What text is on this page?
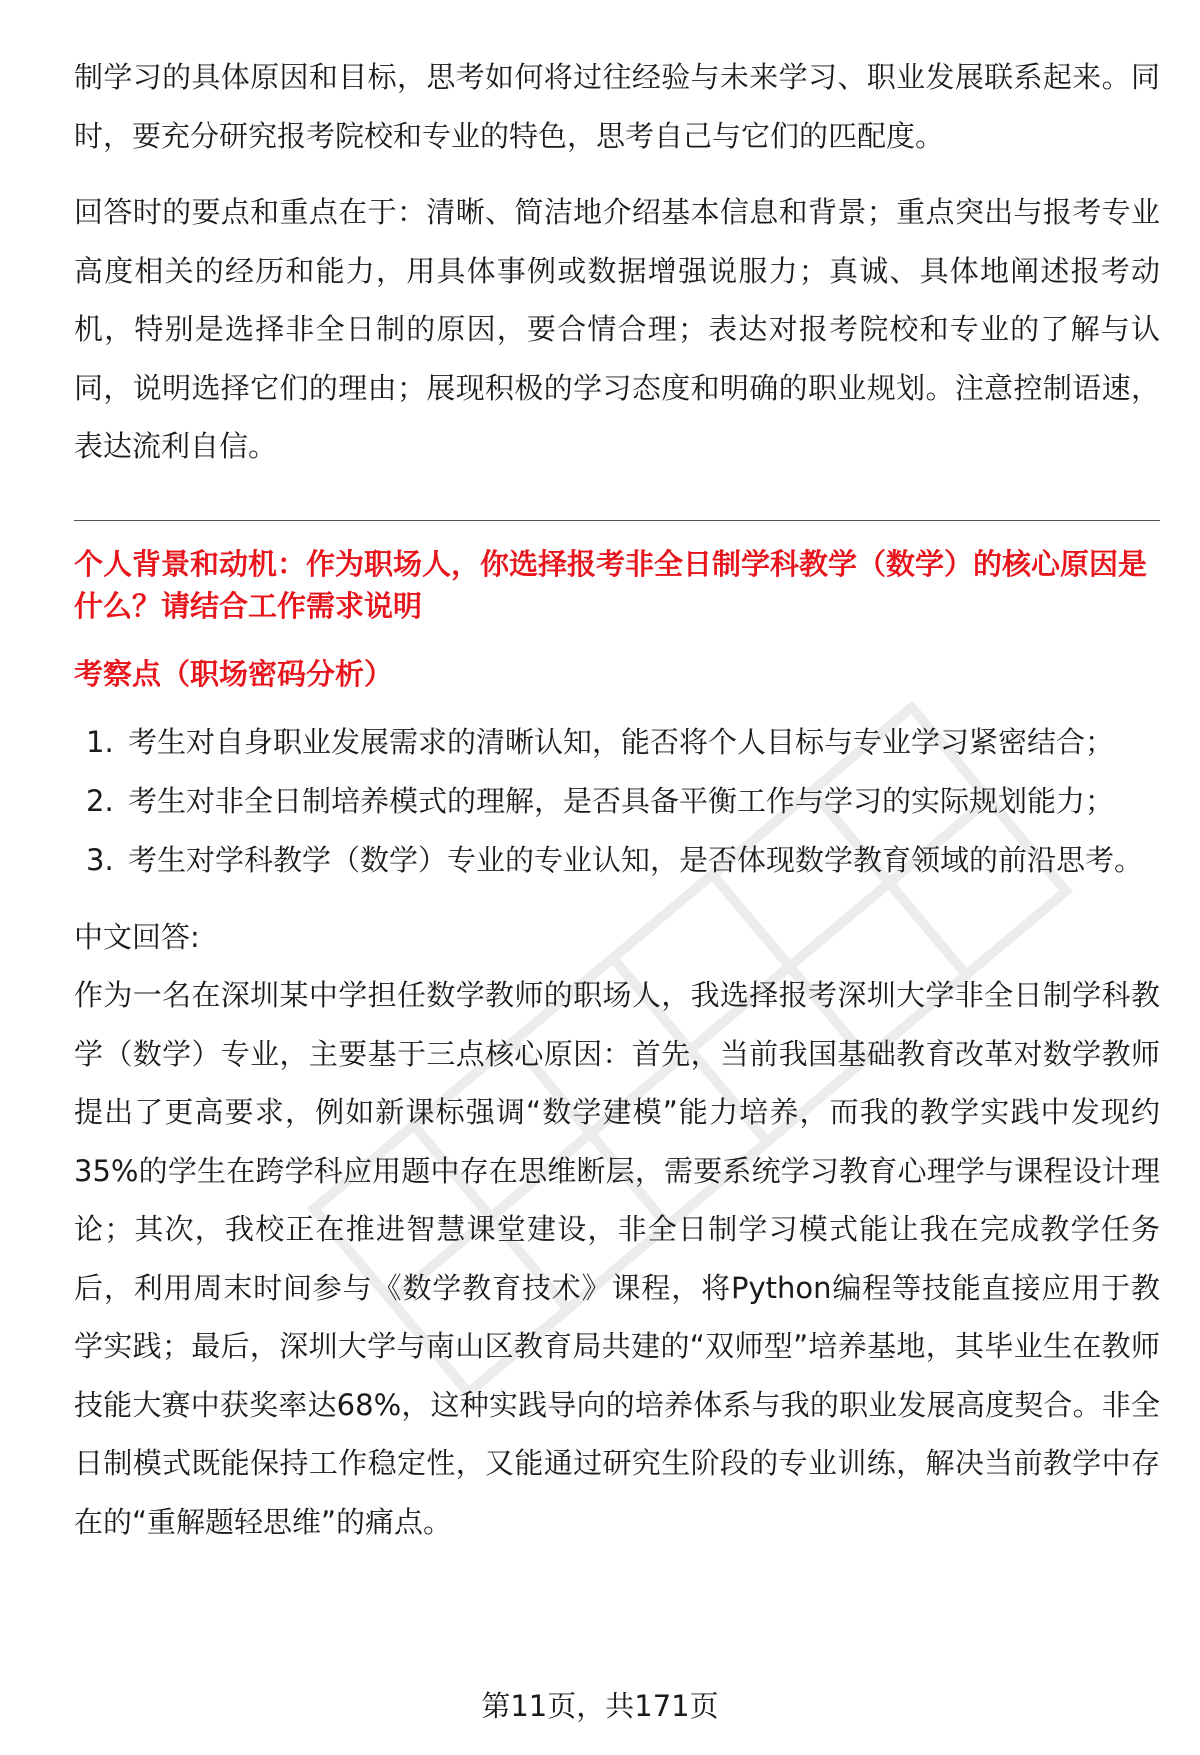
制学习的具体原因和目标，思考如何将过往经验与未来学习、职业发展联系起来。同时，要充分研究报考院校和专业的特色，思考自己与它们的匹配度。

回答时的要点和重点在于：清晰、简洁地介绍基本信息和背景；重点突出与报考专业高度相关的经历和能力，用具体事例或数据增强说服力；真诚、具体地阐述报考动机，特别是选择非全日制的原因，要合情合理；表达对报考院校和专业的了解与认同，说明选择它们的理由；展现积极的学习态度和明确的职业规划。注意控制语速，表达流利自信。

个人背景和动机：作为职场人，你选择报考非全日制学科教学（数学）的核心原因是什么？请结合工作需求说明

考察点（职场密码分析）

1. 考生对自身职业发展需求的清晰认知，能否将个人目标与专业学习紧密结合；
2. 考生对非全日制培养模式的理解，是否具备平衡工作与学习的实际规划能力；
3. 考生对学科教学（数学）专业的专业认知，是否体现数学教育领域的前沿思考。

中文回答:

作为一名在深圳某中学担任数学教师的职场人，我选择报考深圳大学非全日制学科教学（数学）专业，主要基于三点核心原因：首先，当前我国基础教育改革对数学教师提出了更高要求，例如新课标强调“数学建模”能力培养，而我的教学实践中发现约35%的学生在跨学科应用题中存在思维断层，需要系统学习教育心理学与课程设计理论；其次，我校正在推进智慧课堂建设，非全日制学习模式能让我在完成教学任务后，利用周末时间参与《数学教育技术》课程，将Python编程等技能直接应用于教学实践；最后，深圳大学与南山区教育局共建的“双师型”培养基地，其毕业生在教师技能大赛中获奖率达68%，这种实践导向的培养体系与我的职业发展高度契合。非全日制模式既能保持工作稳定性，又能通过研究生阶段的专业训练，解决当前教学中存在的“重解题轻思维”的痛点。

第11页，共171页
